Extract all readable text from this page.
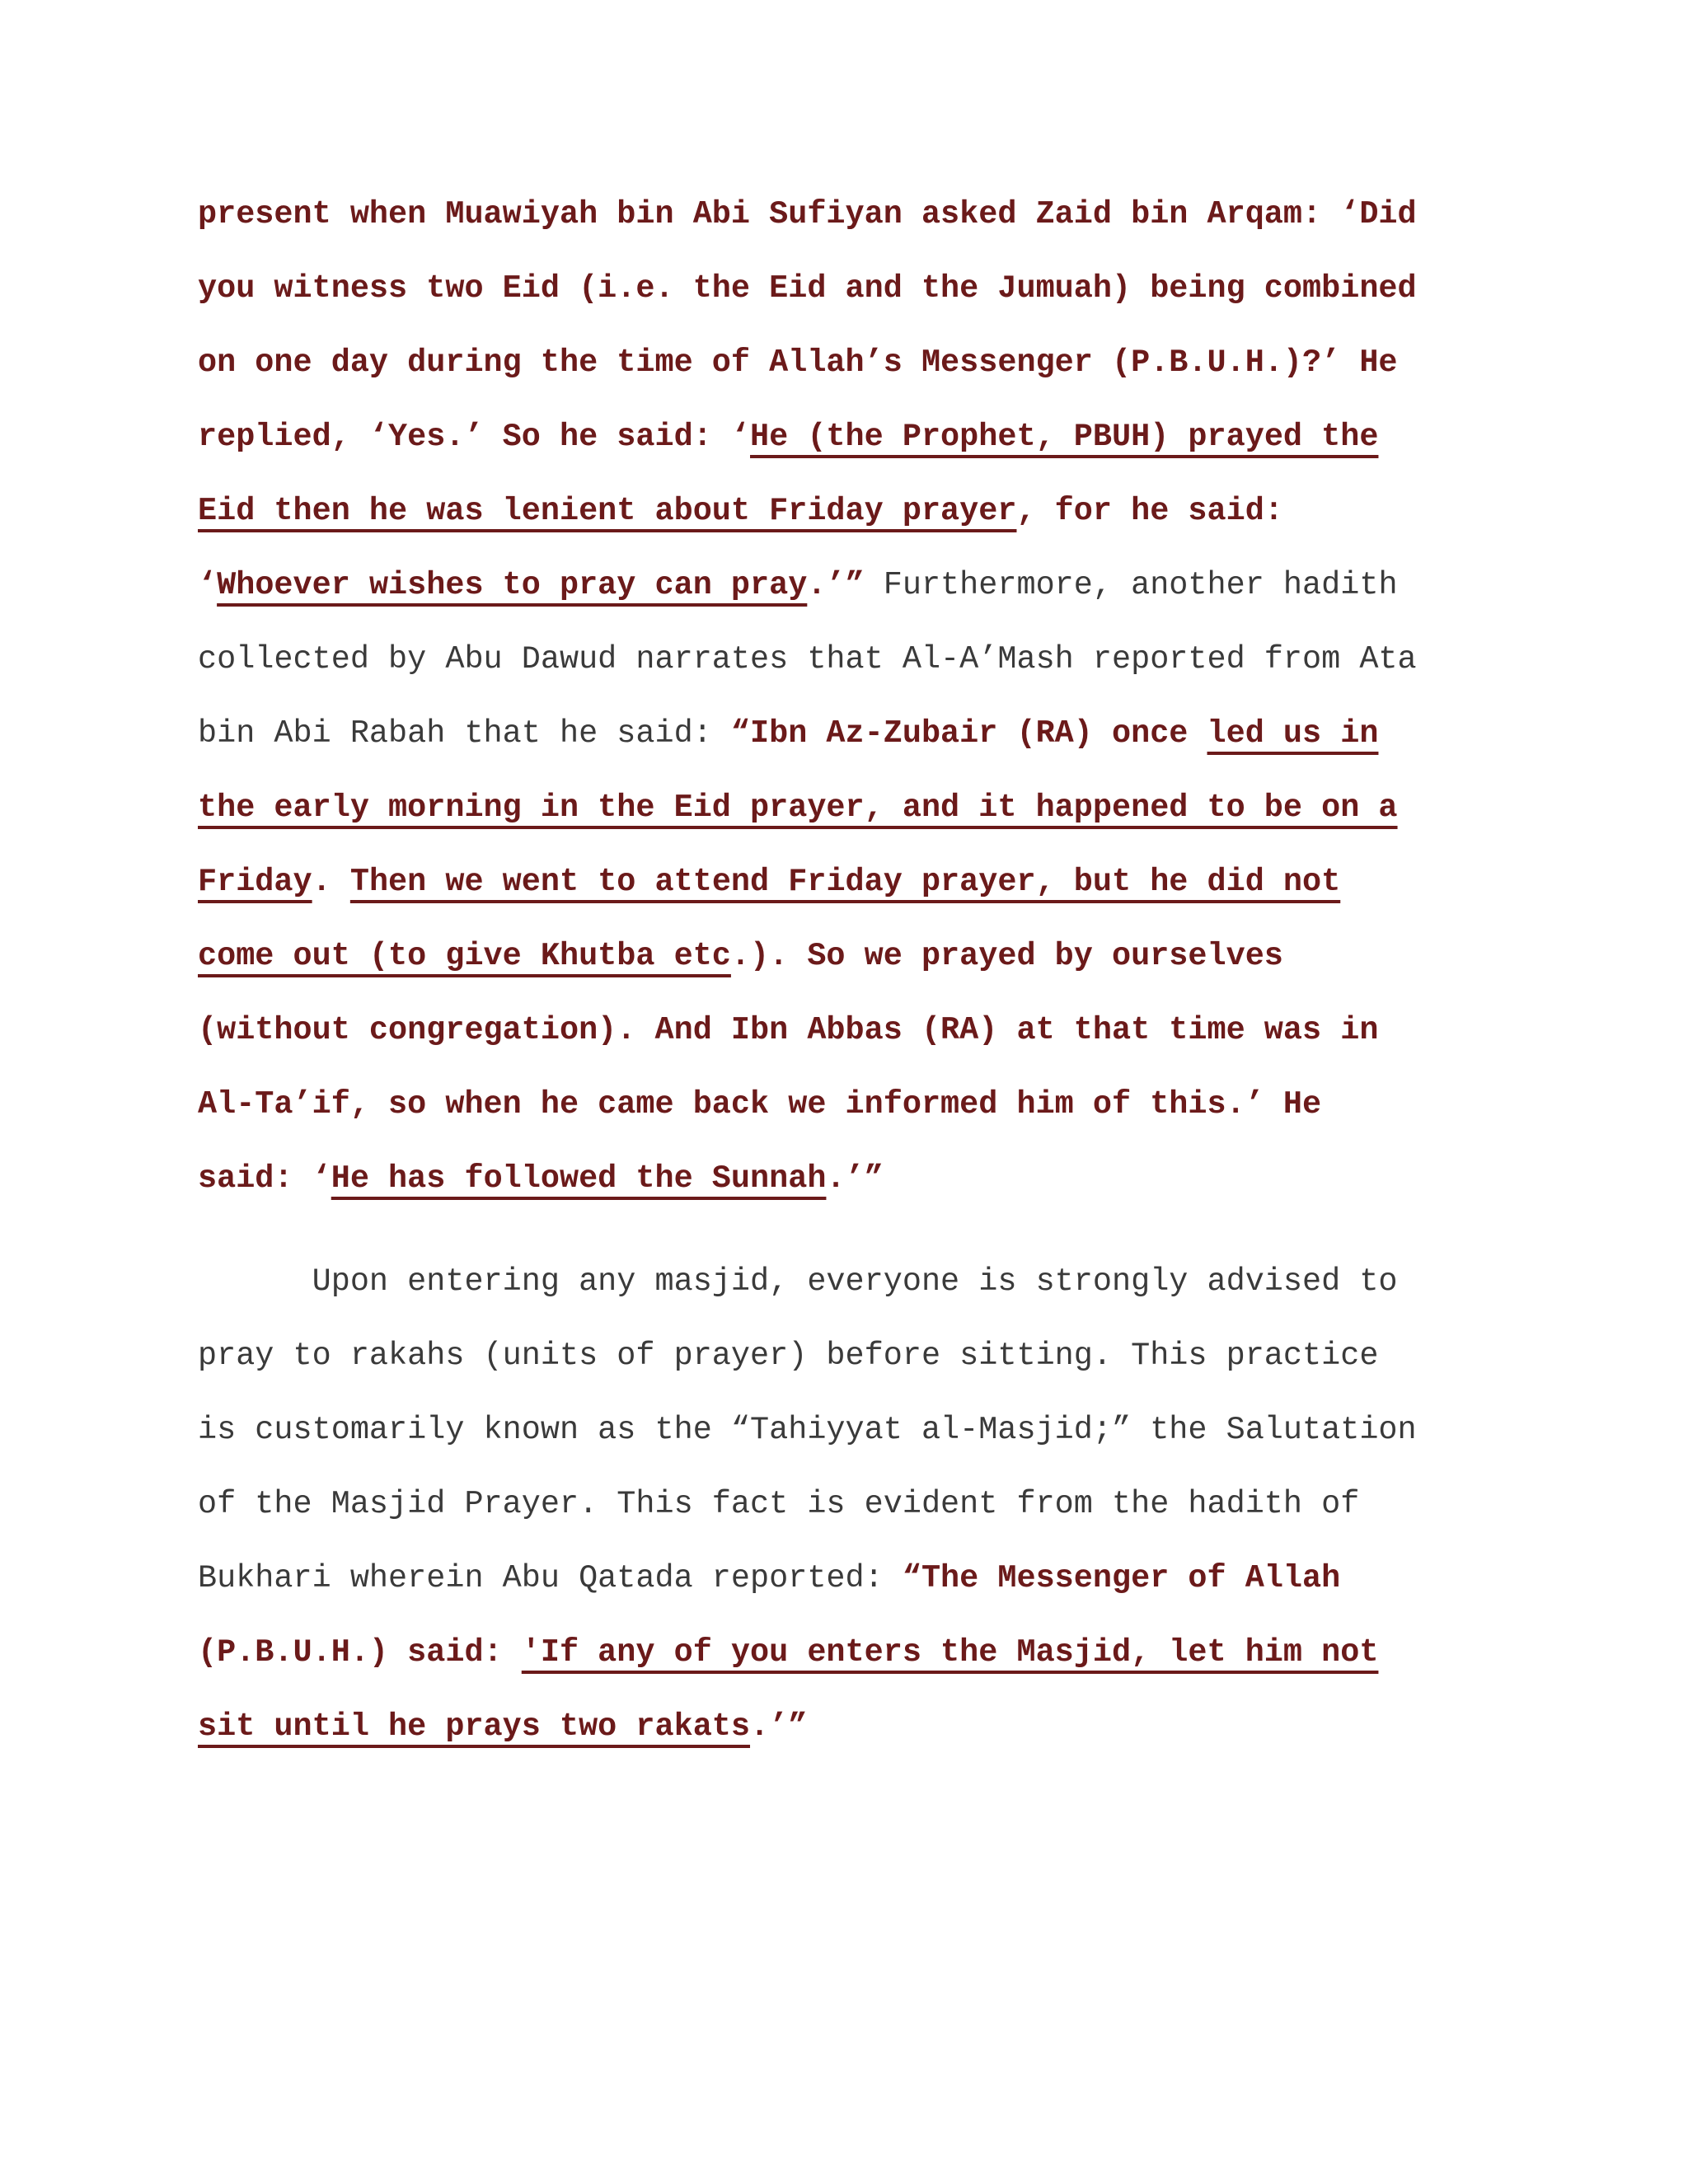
present when Muawiyah bin Abi Sufiyan asked Zaid bin Arqam: ‘Did
you witness two Eid (i.e. the Eid and the Jumuah) being combined
on one day during the time of Allah’s Messenger (P.B.U.H.)?’ He
replied, ‘Yes.’ So he said: ‘He (the Prophet, PBUH) prayed the
Eid then he was lenient about Friday prayer, for he said:
‘Whoever wishes to pray can pray.’” Furthermore, another hadith
collected by Abu Dawud narrates that Al-A’Mash reported from Ata
bin Abi Rabah that he said: “Ibn Az-Zubair (RA) once led us in
the early morning in the Eid prayer, and it happened to be on a
Friday. Then we went to attend Friday prayer, but he did not
come out (to give Khutba etc.). So we prayed by ourselves
(without congregation). And Ibn Abbas (RA) at that time was in
Al-Ta’if, so when he came back we informed him of this.’ He
said: ‘He has followed the Sunnah.’”
Upon entering any masjid, everyone is strongly advised to
pray to rakahs (units of prayer) before sitting. This practice
is customarily known as the “Tahiyyat al-Masjid;” the Salutation
of the Masjid Prayer. This fact is evident from the hadith of
Bukhari wherein Abu Qatada reported: “The Messenger of Allah
(P.B.U.H.) said: 'If any of you enters the Masjid, let him not
sit until he prays two rakats.’”
